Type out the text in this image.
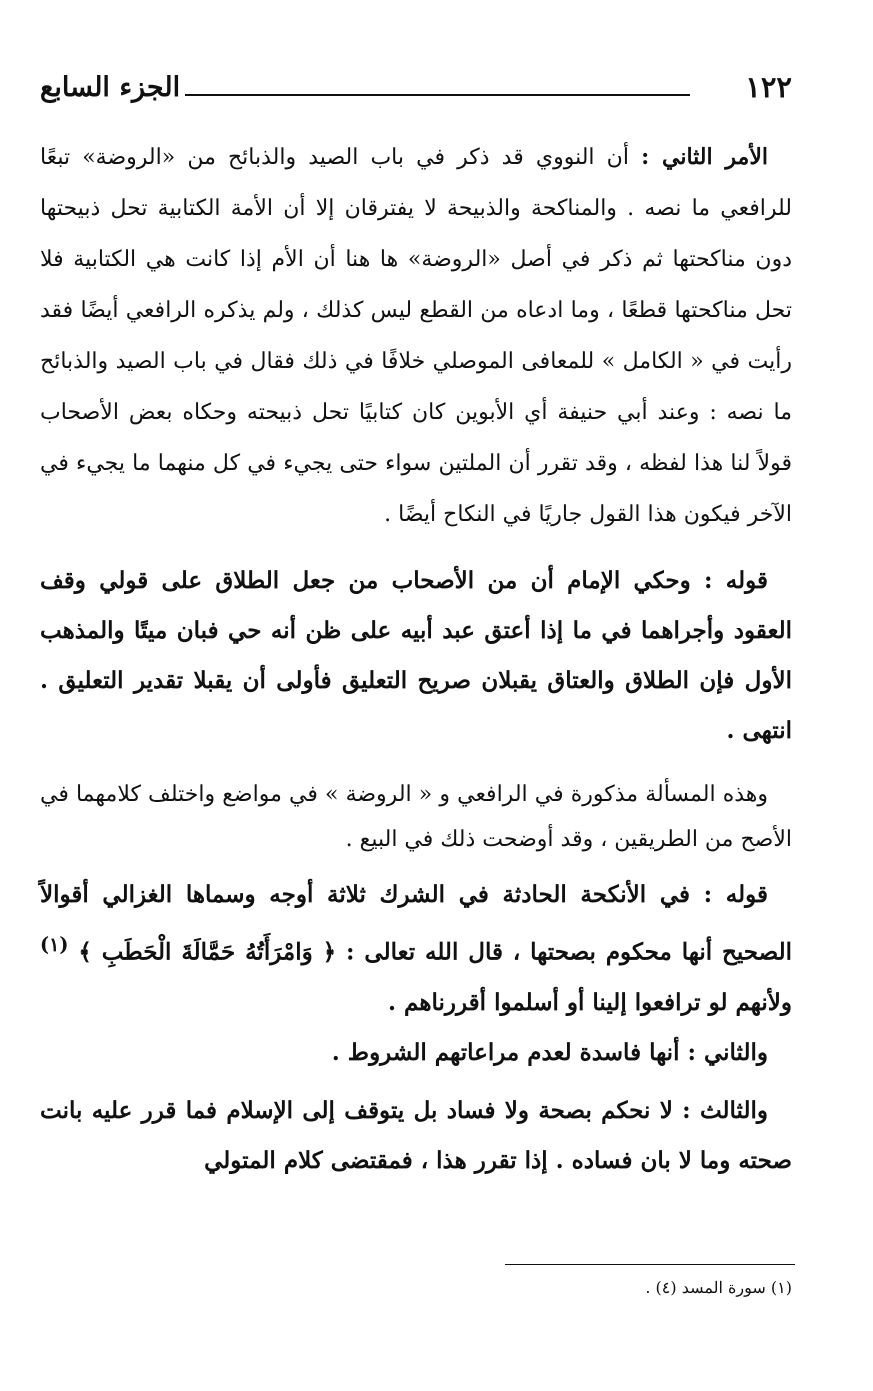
الجزء السابع	١٢٢

الأمر الثاني : أن النووي قد ذكر في باب الصيد والذبائح من «الروضة» تبعًا للرافعي ما نصه . والمناكحة والذبيحة لا يفترقان إلا أن الأمة الكتابية تحل ذبيحتها دون مناكحتها ثم ذكر في أصل «الروضة» ها هنا أن الأم إذا كانت هي الكتابية فلا تحل مناكحتها قطعًا ، وما ادعاه من القطع ليس كذلك ، ولم يذكره الرافعي أيضًا فقد رأيت في « الكامل » للمعافى الموصلي خلافًا في ذلك فقال في باب الصيد والذبائح ما نصه : وعند أبي حنيفة أي الأبوين كان كتابيًا تحل ذبيحته وحكاه بعض الأصحاب قولاً لنا هذا لفظه ، وقد تقرر أن الملتين سواء حتى يجيء في كل منهما ما يجيء في الآخر فيكون هذا القول جاريًا في النكاح أيضًا .

قوله : وحكي الإمام أن من الأصحاب من جعل الطلاق على قولي وقف العقود وأجراهما في ما إذا أعتق عبد أبيه على ظن أنه حي فبان ميتًا والمذهب الأول فإن الطلاق والعتاق يقبلان صريح التعليق فأولى أن يقبلا تقدير التعليق . انتهى .

وهذه المسألة مذكورة في الرافعي و « الروضة » في مواضع واختلف كلامهما في الأصح من الطريقين ، وقد أوضحت ذلك في البيع .

قوله : في الأنكحة الحادثة في الشرك ثلاثة أوجه وسماها الغزالي أقوالاً الصحيح أنها محكوم بصحتها ، قال الله تعالى : ﴿ وَامْرَأَتُهُ حَمَّالَةَ الْحَطَبِ ﴾ $^{(١)}$ ولأنهم لو ترافعوا إلينا أو أسلموا أقررناهم .

والثاني : أنها فاسدة لعدم مراعاتهم الشروط .

والثالث : لا نحكم بصحة ولا فساد بل يتوقف إلى الإسلام فما قرر عليه بانت صحته وما لا بان فساده . إذا تقرر هذا ، فمقتضى كلام المتولي

(١) سورة المسد (٤) .
